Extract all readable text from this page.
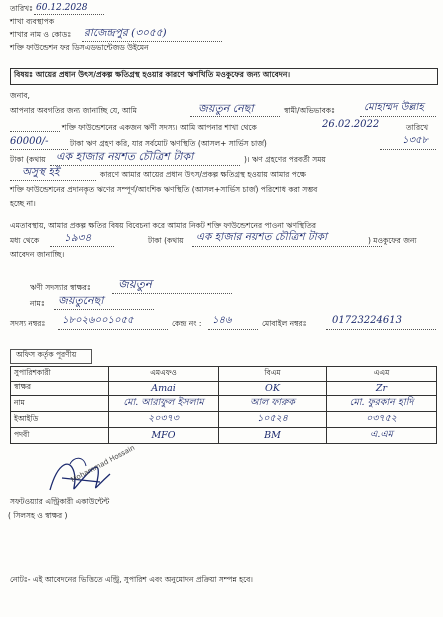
তারিখঃ 60.12.2028
শাখা ব্যবস্থাপক
শাখার নাম ও কোডঃ রাজেন্দ্রপুর (৩০৫৫)
শক্তি ফাউন্ডেশন ফর ডিসএডভান্টেজড উইমেন
বিষয়ঃ আয়ের প্রধান উৎস/প্রকল্প ক্ষতিগ্রস্থ হওয়ার কারণে ঋণখিতি মওকুফের জন্য আবেদন।
জনাব,
আপনার অবগতির জন্য জানাচ্ছি যে, আমি	জয়তুন নেছা	স্বামী/অভিভাবকঃ	মোহাম্মদ উল্লাহ
শক্তি ফাউন্ডেশনের একজন ঋণী সদস্য। আমি আপনার শাখা থেকে	26.02.2022	তারিখে
60000/-	টাকা ঋণ গ্রহণ করি, যার সর্বমোট ঋণস্থিতি (আসল+ সার্ভিস চার্জ)	১৩৫৮
টাকা (কথায় এক হাজার নয়শত চৌত্রিশ টাকা	)। ঋণ গ্রহণের পরবর্তী সময়
অসুস্থ হই	কারণে আমার আয়ের প্রধান উৎস/প্রকল্প ক্ষতিগ্রস্থ হওয়ায় আমার পক্ষে
শক্তি ফাউন্ডেশনের প্রদানকৃত ঋণের সম্পূর্ণ/আংশিক ঋণস্থিতি (আসল+সার্ভিস চার্জ) পরিশোধ করা সম্ভব
হচ্ছে না।
এমতাবস্থায়, আমার প্রকল্প ক্ষতির বিষয় বিবেচনা করে আমার নিকট শক্তি ফাউন্ডেশনের পাওনা ঋণস্থিতির
মধ্য থেকে ১৯৩৪	টাকা (কথায় এক হাজার নয়শত চৌত্রিশ টাকা	) মওকুফের জন্য
আবেদন জানাচ্ছি।
ঋণী সদস্যার স্বাক্ষরঃ জয়তুন
নামঃ জয়তুনেছা
সদস্য নম্বরঃ ১৮০২৬০০১০৫৫	কেন্দ্র নং : ১৪৬	মোবাইল নম্বরঃ	01723224613
অফিস কর্তৃক পূরণীয়
সুপারিশকারী	এমএফও	বিএম	এএম
স্বাক্ষর	Amai	OK	Zr
নাম	মো. আরাফুল ইসলাম	আল ফারুক	মো. ফুরকান হাদি
ইআইডি	২০৩৭৩	১০৫২৪	০৩৭৫২
পদবী	MFO	BM	এ.এম
Mohammad Hossain
সফটওয়্যার এন্ট্রিকারী একাউন্টেন্ট
( সিলসহ ও স্বাক্ষর )
নোটঃ- এই আবেদনের ভিত্তিতে এন্ট্রি, সুপারিশ এবং অনুমোদন প্রক্রিয়া সম্পন্ন হবে।
